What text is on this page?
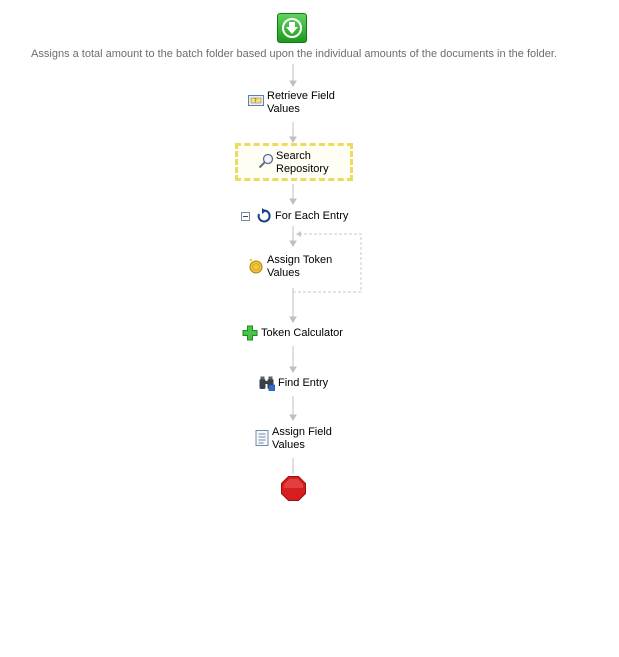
Assigns a total amount to the batch folder based upon the individual amounts of the documents in the folder.
? Retrieve Field
Values
Search
Repository
For Each Entry
Assign Token
Values
Token Calculator
Find Entry
Assign Field
Values
